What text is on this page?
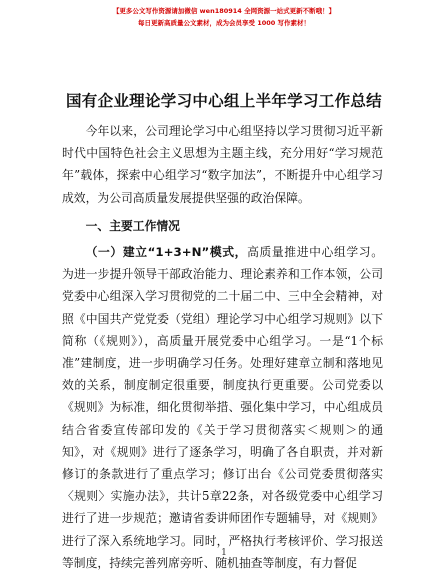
【更多公文写作资源请加微信 wen180914 全网资源一站式更新不断哦！】
每日更新高质量公文素材，成为会员享受 1000 写作素材！
国有企业理论学习中心组上半年学习工作总结

今年以来，公司理论学习中心组坚持以学习贯彻习近平新时代中国特色社会主义思想为主题主线，充分用好“学习规范年”载体，探索中心组学习“数字加法”，不断提升中心组学习成效，为公司高质量发展提供坚强的政治保障。

一、主要工作情况

（一）建立“1+3+N”模式，高质量推进中心组学习。为进一步提升领导干部政治能力、理论素养和工作本领，公司党委中心组深入学习贯彻党的二十届二中、三中全会精神，对照《中国共产党党委（党组）理论学习中心组学习规则》以下简称（《规则》），高质量开展党委中心组学习。一是“1个标准”建制度，进一步明确学习任务。处理好建章立制和落地见效的关系，制度制定很重要，制度执行更重要。公司党委以《规则》为标准，细化贯彻举措、强化集中学习，中心组成员结合省委宣传部印发的《关于学习贯彻落实＜规则＞的通知》，对《规则》进行了逐条学习，明确了各自职责，并对新修订的条款进行了重点学习；修订出台《公司党委贯彻落实〈规则〉实施办法》，共计5章22条，对各级党委中心组学习进行了进一步规范；邀请省委讲师团作专题辅导，对《规则》进行了深入系统地学习。同时，严格执行考核评价、学习报送等制度，持续完善列席旁听、随机抽查等制度，有力督促

1
